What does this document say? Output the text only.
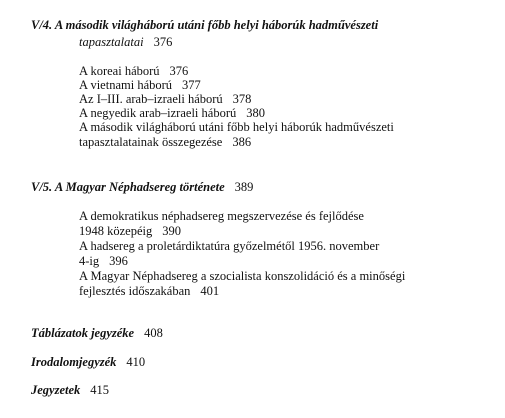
V/4. A második világháború utáni főbb helyi háborúk hadművészeti
tapasztalatai 376
A koreai háború 376
A vietnami háború 377
Az I–III. arab–izraeli háború 378
A negyedik arab–izraeli háború 380
A második világháború utáni főbb helyi háborúk hadművészeti
tapasztalatainak összegezése 386
V/5. A Magyar Néphadsereg története 389
A demokratikus néphadsereg megszervezése és fejlődése
1948 közepéig 390
A hadsereg a proletárdiktatúra győzelmétől 1956. november
4-ig 396
A Magyar Néphadsereg a szocialista konszolidáció és a minőségi
fejlesztés időszakában 401
Táblázatok jegyzéke 408
Irodalomjegyzék 410
Jegyzetek 415
